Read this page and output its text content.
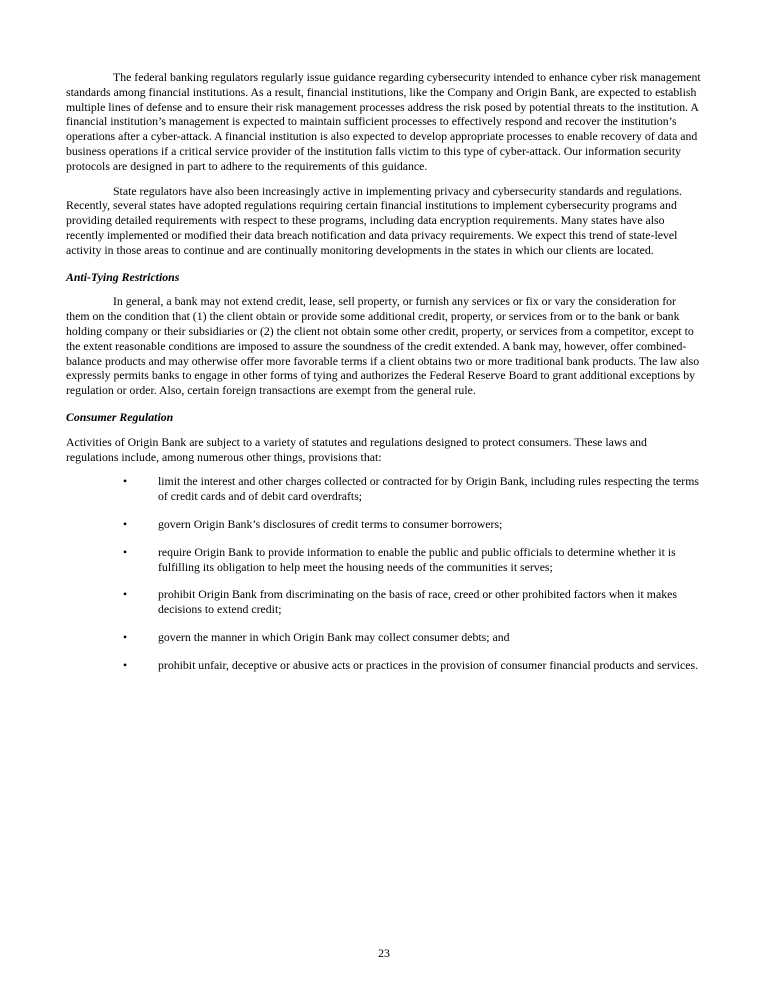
The federal banking regulators regularly issue guidance regarding cybersecurity intended to enhance cyber risk management standards among financial institutions. As a result, financial institutions, like the Company and Origin Bank, are expected to establish multiple lines of defense and to ensure their risk management processes address the risk posed by potential threats to the institution. A financial institution’s management is expected to maintain sufficient processes to effectively respond and recover the institution’s operations after a cyber-attack. A financial institution is also expected to develop appropriate processes to enable recovery of data and business operations if a critical service provider of the institution falls victim to this type of cyber-attack. Our information security protocols are designed in part to adhere to the requirements of this guidance.

State regulators have also been increasingly active in implementing privacy and cybersecurity standards and regulations. Recently, several states have adopted regulations requiring certain financial institutions to implement cybersecurity programs and providing detailed requirements with respect to these programs, including data encryption requirements. Many states have also recently implemented or modified their data breach notification and data privacy requirements. We expect this trend of state-level activity in those areas to continue and are continually monitoring developments in the states in which our clients are located.

Anti-Tying Restrictions

In general, a bank may not extend credit, lease, sell property, or furnish any services or fix or vary the consideration for them on the condition that (1) the client obtain or provide some additional credit, property, or services from or to the bank or bank holding company or their subsidiaries or (2) the client not obtain some other credit, property, or services from a competitor, except to the extent reasonable conditions are imposed to assure the soundness of the credit extended. A bank may, however, offer combined-balance products and may otherwise offer more favorable terms if a client obtains two or more traditional bank products. The law also expressly permits banks to engage in other forms of tying and authorizes the Federal Reserve Board to grant additional exceptions by regulation or order. Also, certain foreign transactions are exempt from the general rule.

Consumer Regulation

Activities of Origin Bank are subject to a variety of statutes and regulations designed to protect consumers. These laws and regulations include, among numerous other things, provisions that:

•	limit the interest and other charges collected or contracted for by Origin Bank, including rules respecting the terms of credit cards and of debit card overdrafts;
•	govern Origin Bank’s disclosures of credit terms to consumer borrowers;
•	require Origin Bank to provide information to enable the public and public officials to determine whether it is fulfilling its obligation to help meet the housing needs of the communities it serves;
•	prohibit Origin Bank from discriminating on the basis of race, creed or other prohibited factors when it makes decisions to extend credit;
•	govern the manner in which Origin Bank may collect consumer debts; and
•	prohibit unfair, deceptive or abusive acts or practices in the provision of consumer financial products and services.
23
